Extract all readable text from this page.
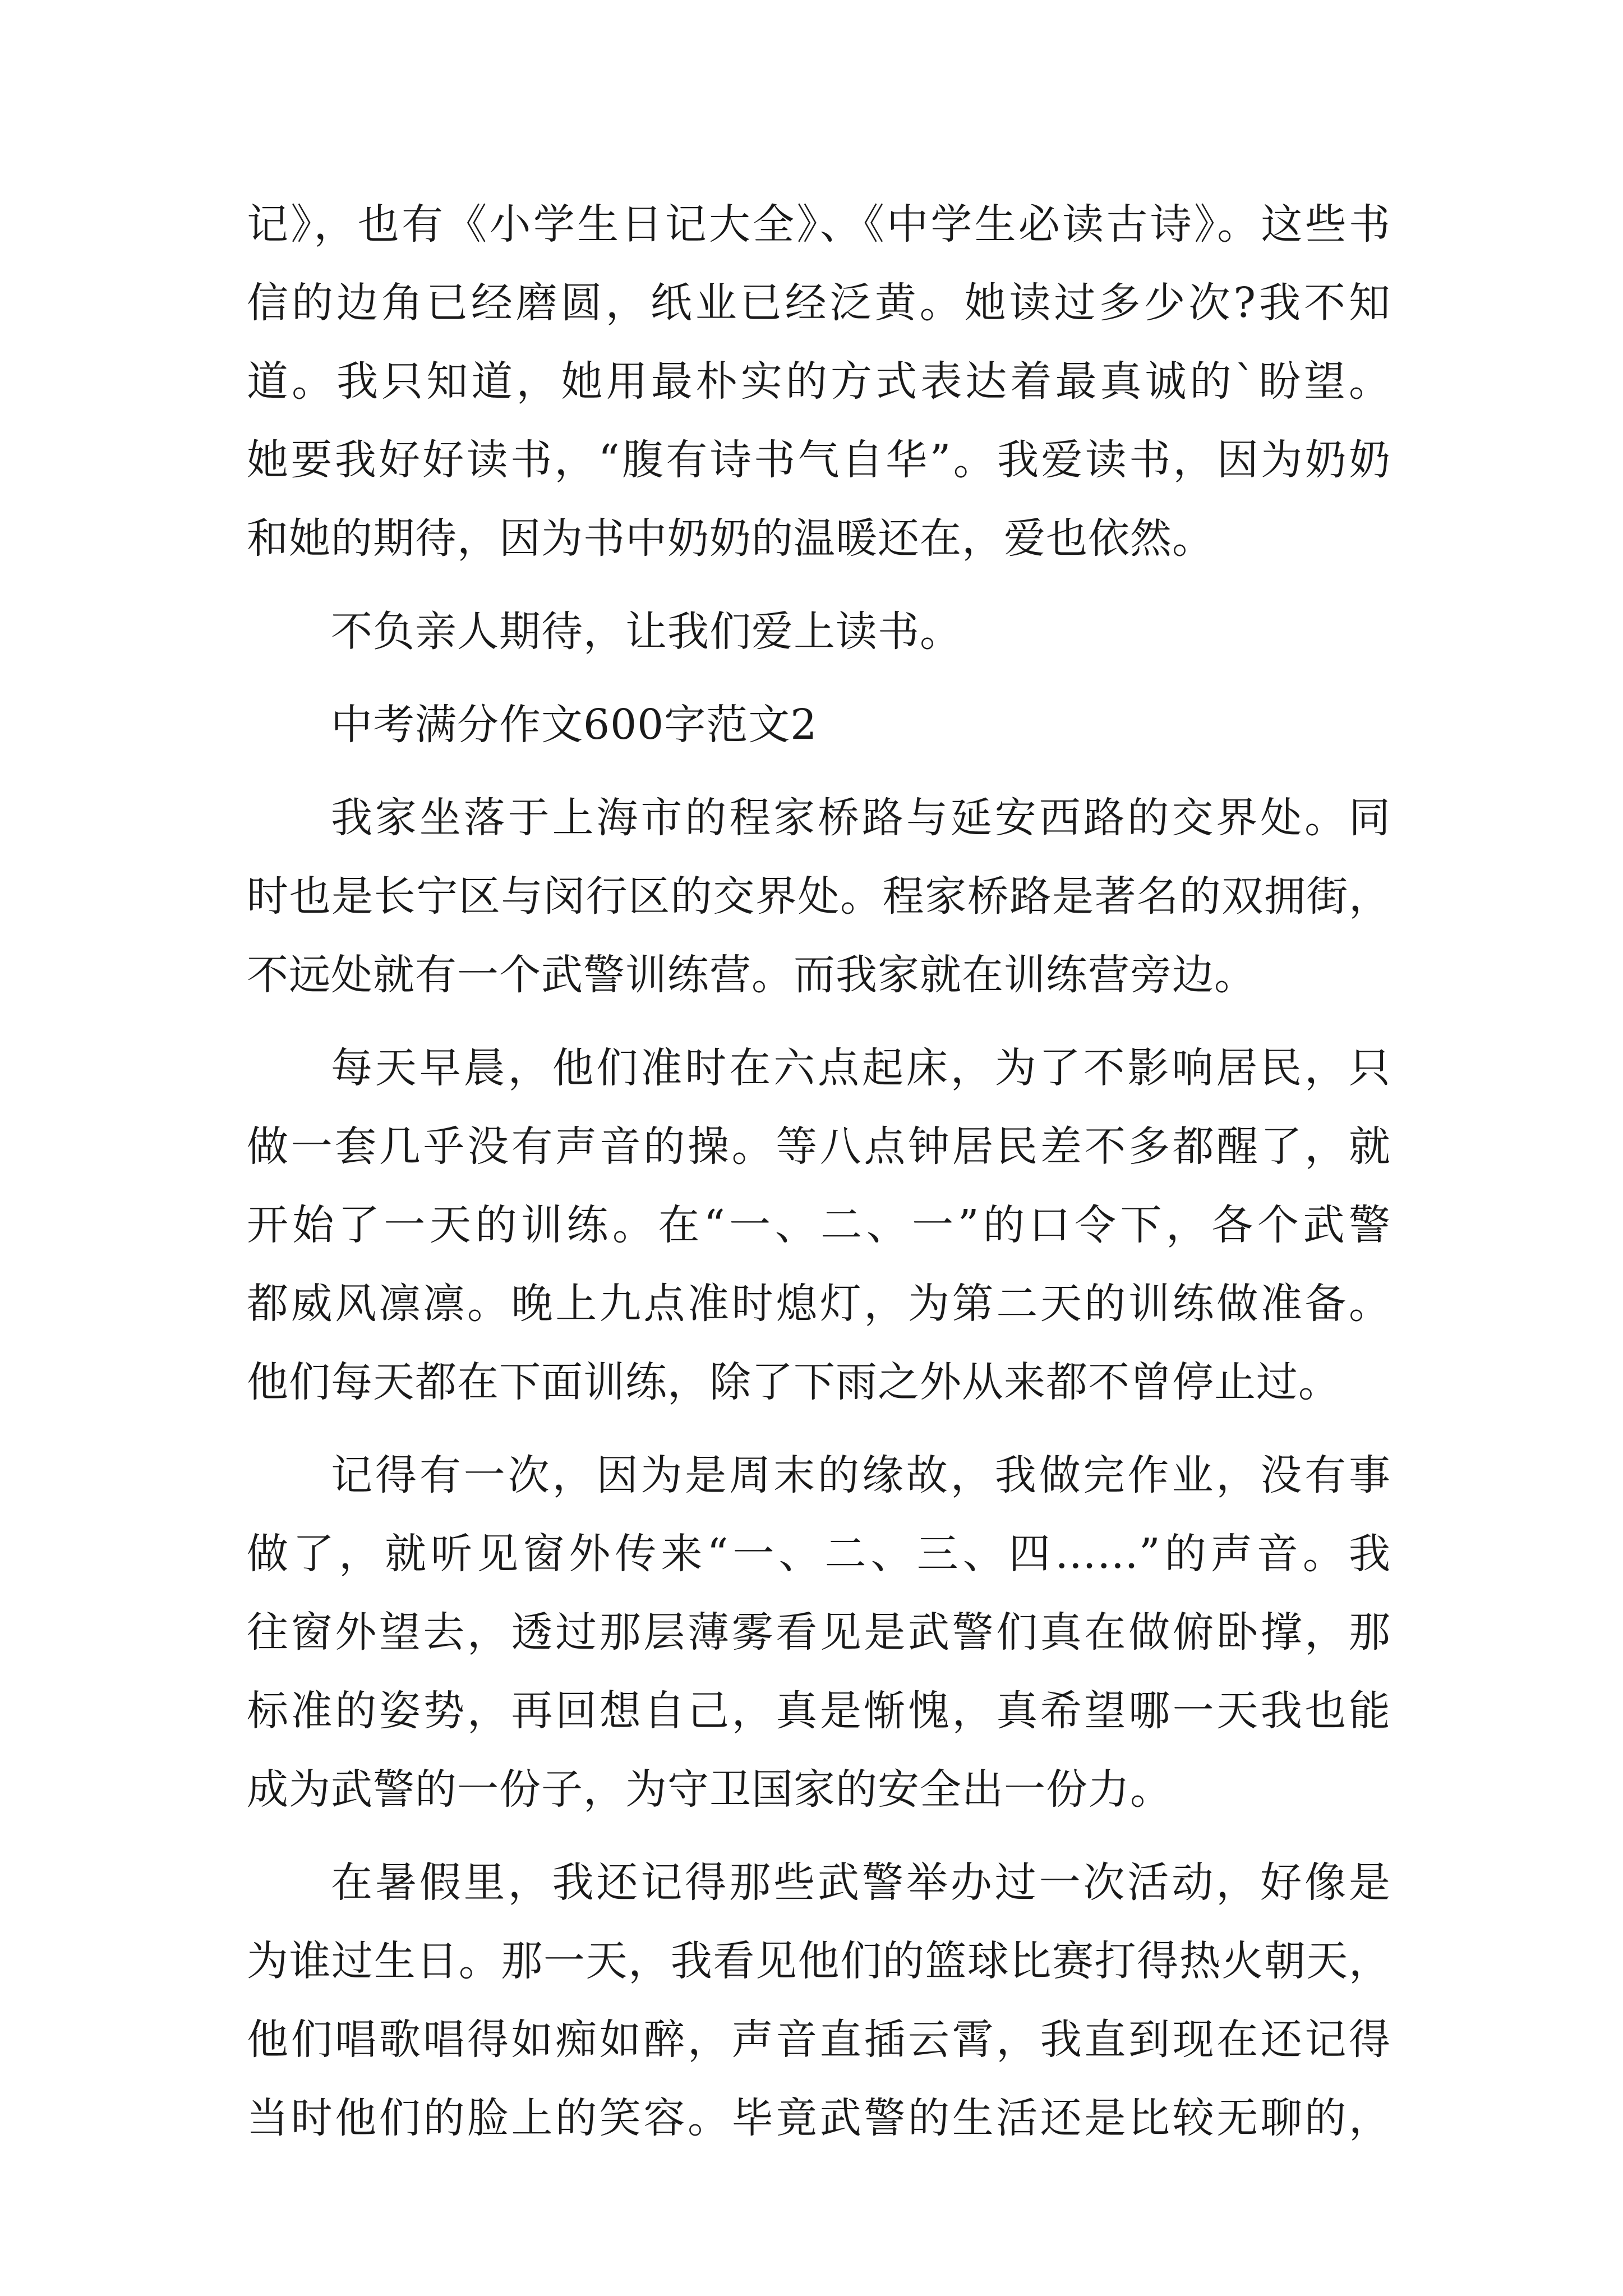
记》，也有《小学生日记大全》、《中学生必读古诗》。这些书
信的边角已经磨圆，纸业已经泛黄。她读过多少次?我不知
道。我只知道，她用最朴实的方式表达着最真诚的`盼望。
她要我好好读书，“腹有诗书气自华”。我爱读书，因为奶奶
和她的期待，因为书中奶奶的温暖还在，爱也依然。
不负亲人期待，让我们爱上读书。
中考满分作文600字范文2
我家坐落于上海市的程家桥路与延安西路的交界处。同
时也是长宁区与闵行区的交界处。程家桥路是著名的双拥街，
不远处就有一个武警训练营。而我家就在训练营旁边。
每天早晨，他们准时在六点起床，为了不影响居民，只
做一套几乎没有声音的操。等八点钟居民差不多都醒了，就
开始了一天的训练。在“一、二、一”的口令下，各个武警
都威风凛凛。晚上九点准时熄灯，为第二天的训练做准备。
他们每天都在下面训练，除了下雨之外从来都不曾停止过。
记得有一次，因为是周末的缘故，我做完作业，没有事
做了，就听见窗外传来“一、二、三、四……”的声音。我
往窗外望去，透过那层薄雾看见是武警们真在做俯卧撑，那
标准的姿势，再回想自己，真是惭愧，真希望哪一天我也能
成为武警的一份子，为守卫国家的安全出一份力。
在暑假里，我还记得那些武警举办过一次活动，好像是
为谁过生日。那一天，我看见他们的篮球比赛打得热火朝天，
他们唱歌唱得如痴如醉，声音直插云霄，我直到现在还记得
当时他们的脸上的笑容。毕竟武警的生活还是比较无聊的，
